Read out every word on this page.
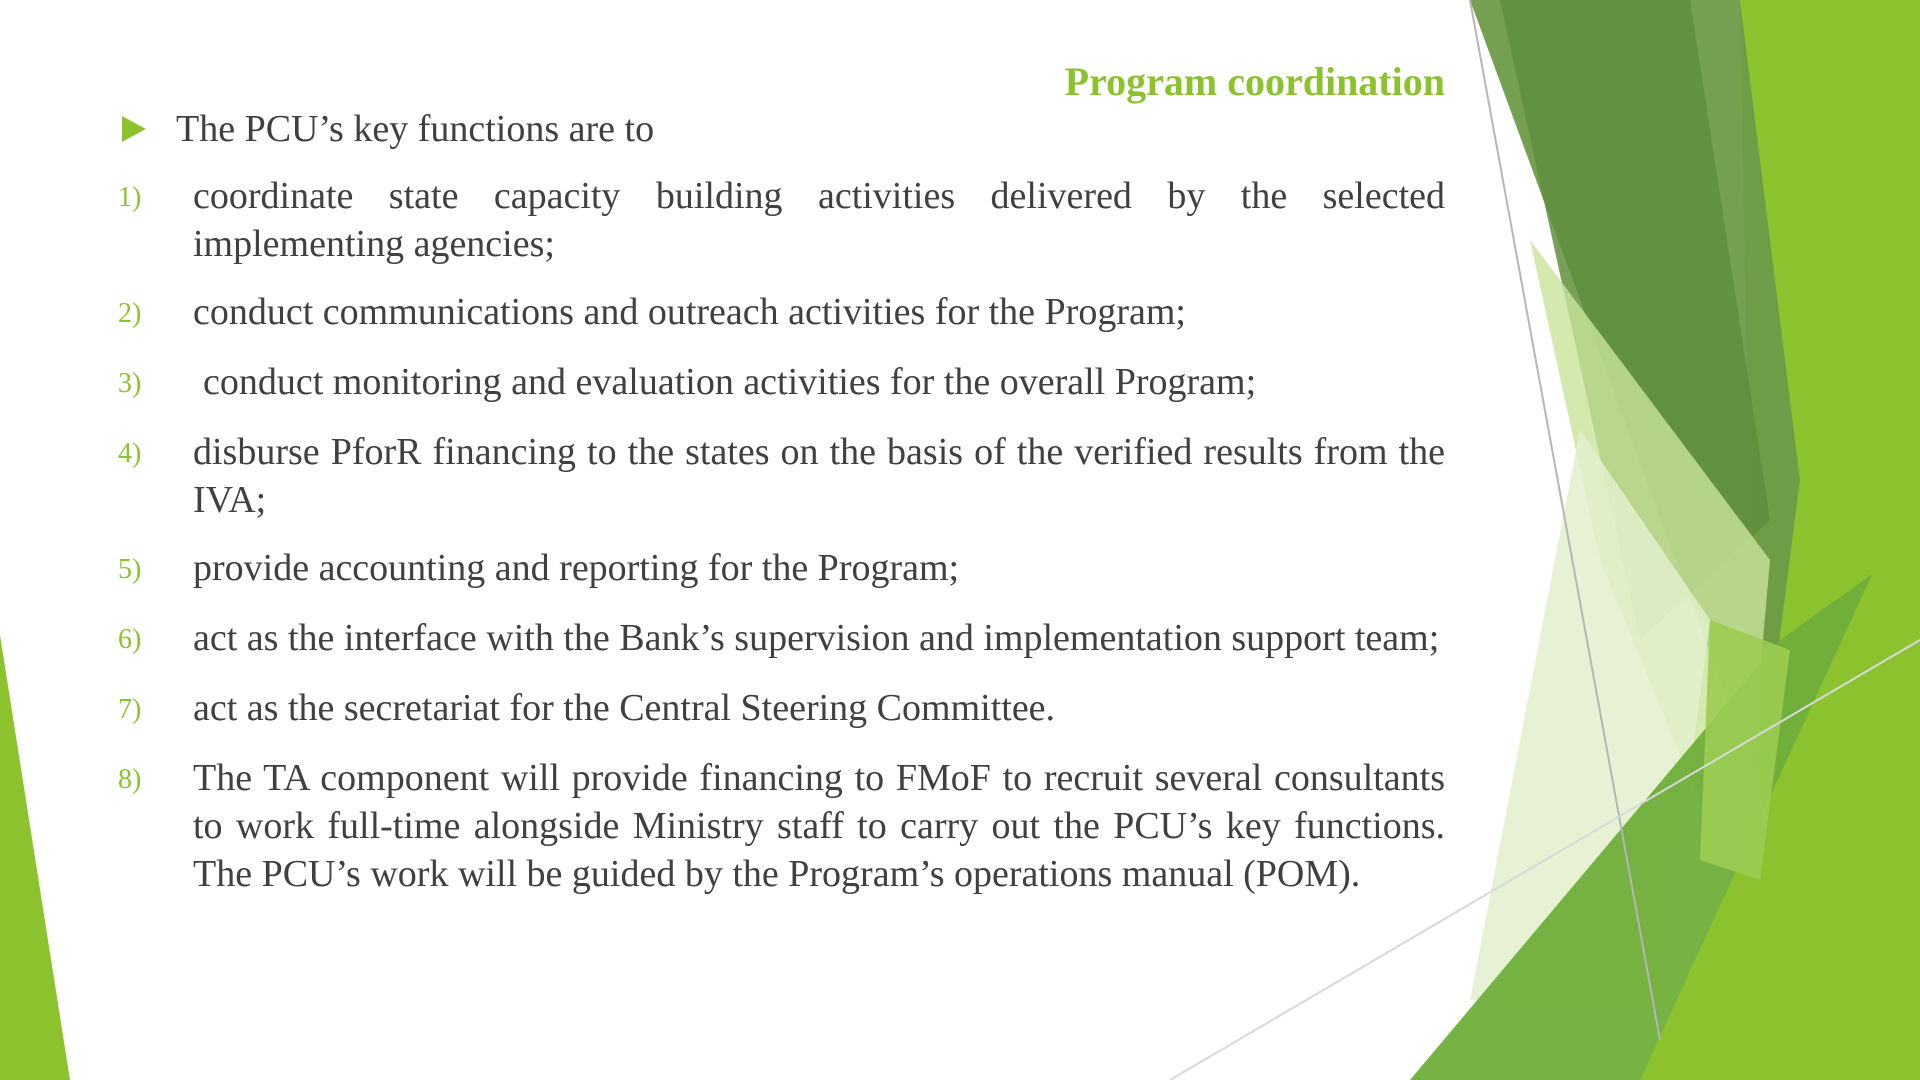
Program coordination
The PCU’s key functions are to
1)	coordinate state capacity building activities delivered by the selected implementing agencies;
2)	conduct communications and outreach activities for the Program;
3)	conduct monitoring and evaluation activities for the overall Program;
4)	disburse PforR financing to the states on the basis of the verified results from the IVA;
5)	provide accounting and reporting for the Program;
6)	act as the interface with the Bank’s supervision and implementation support team;
7)	act as the secretariat for the Central Steering Committee.
8)	The TA component will provide financing to FMoF to recruit several consultants to work full-time alongside Ministry staff to carry out the PCU’s key functions. The PCU’s work will be guided by the Program’s operations manual (POM).
